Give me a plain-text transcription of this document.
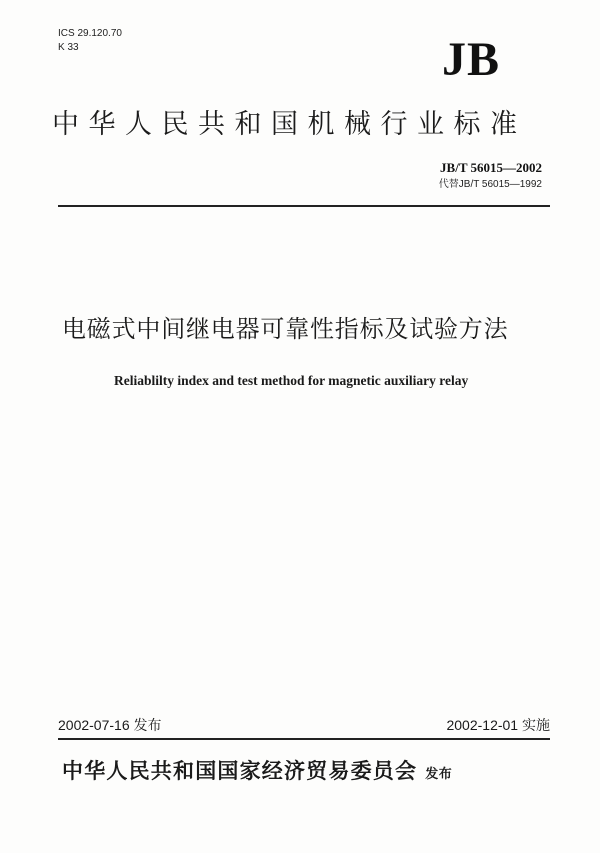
ICS 29.120.70
K 33	JB
中华人民共和国机械行业标准
JB/T 56015—2002
代替JB/T 56015—1992
电磁式中间继电器可靠性指标及试验方法
Reliablilty index and test method for magnetic auxiliary relay
2002-07-16 发布	2002-12-01 实施
中华人民共和国国家经济贸易委员会 发布
